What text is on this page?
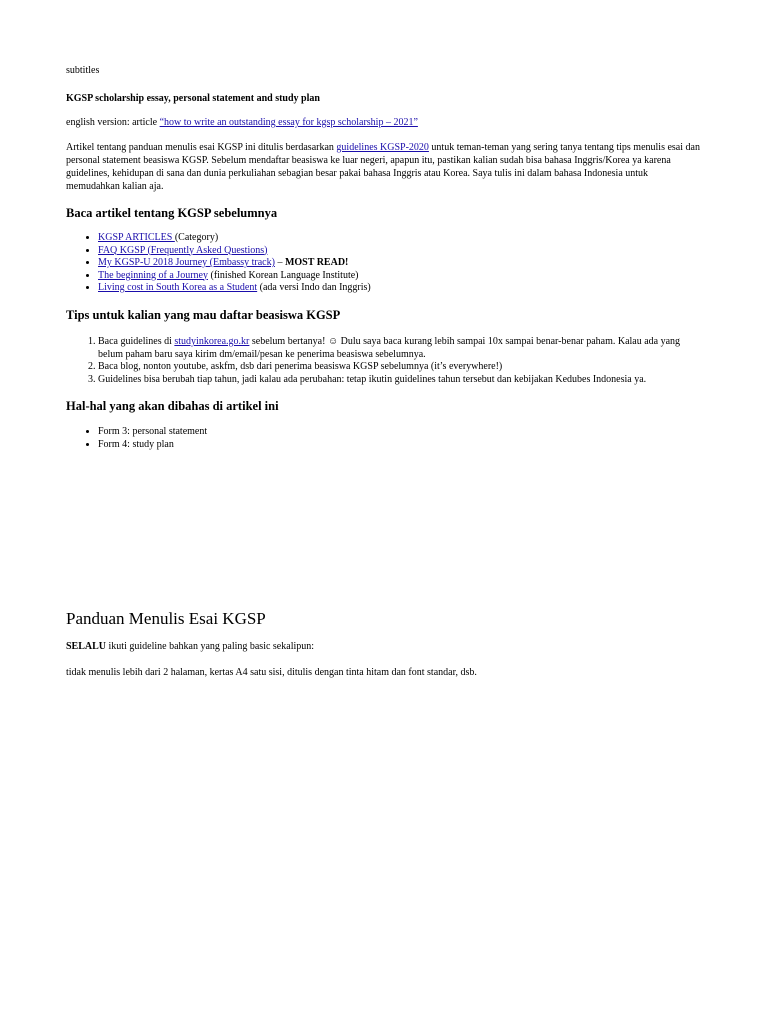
subtitles

KGSP scholarship essay, personal statement and study plan

english version: article “how to write an outstanding essay for kgsp scholarship – 2021”

Artikel tentang panduan menulis esai KGSP ini ditulis berdasarkan guidelines KGSP-2020 untuk teman-teman yang sering tanya tentang tips menulis esai dan personal statement beasiswa KGSP. Sebelum mendaftar beasiswa ke luar negeri, apapun itu, pastikan kalian sudah bisa bahasa Inggris/Korea ya karena guidelines, kehidupan di sana dan dunia perkuliahan sebagian besar pakai bahasa Inggris atau Korea. Saya tulis ini dalam bahasa Indonesia untuk memudahkan kalian aja.

Baca artikel tentang KGSP sebelumnya
• KGSP ARTICLES (Category)
• FAQ KGSP (Frequently Asked Questions)
• My KGSP-U 2018 Journey (Embassy track) – MOST READ!
• The beginning of a Journey (finished Korean Language Institute)
• Living cost in South Korea as a Student (ada versi Indo dan Inggris)
Tips untuk kalian yang mau daftar beasiswa KGSP
1. Baca guidelines di studyinkorea.go.kr sebelum bertanya! ☺ Dulu saya baca kurang lebih sampai 10x sampai benar-benar paham. Kalau ada yang belum paham baru saya kirim dm/email/pesan ke penerima beasiswa sebelumnya.
2. Baca blog, nonton youtube, askfm, dsb dari penerima beasiswa KGSP sebelumnya (it’s everywhere!)
3. Guidelines bisa berubah tiap tahun, jadi kalau ada perubahan: tetap ikutin guidelines tahun tersebut dan kebijakan Kedubes Indonesia ya.
Hal-hal yang akan dibahas di artikel ini
• Form 3: personal statement
• Form 4: study plan
Panduan Menulis Esai KGSP

SELALU ikuti guideline bahkan yang paling basic sekalipun:

tidak menulis lebih dari 2 halaman, kertas A4 satu sisi, ditulis dengan tinta hitam dan font standar, dsb.
